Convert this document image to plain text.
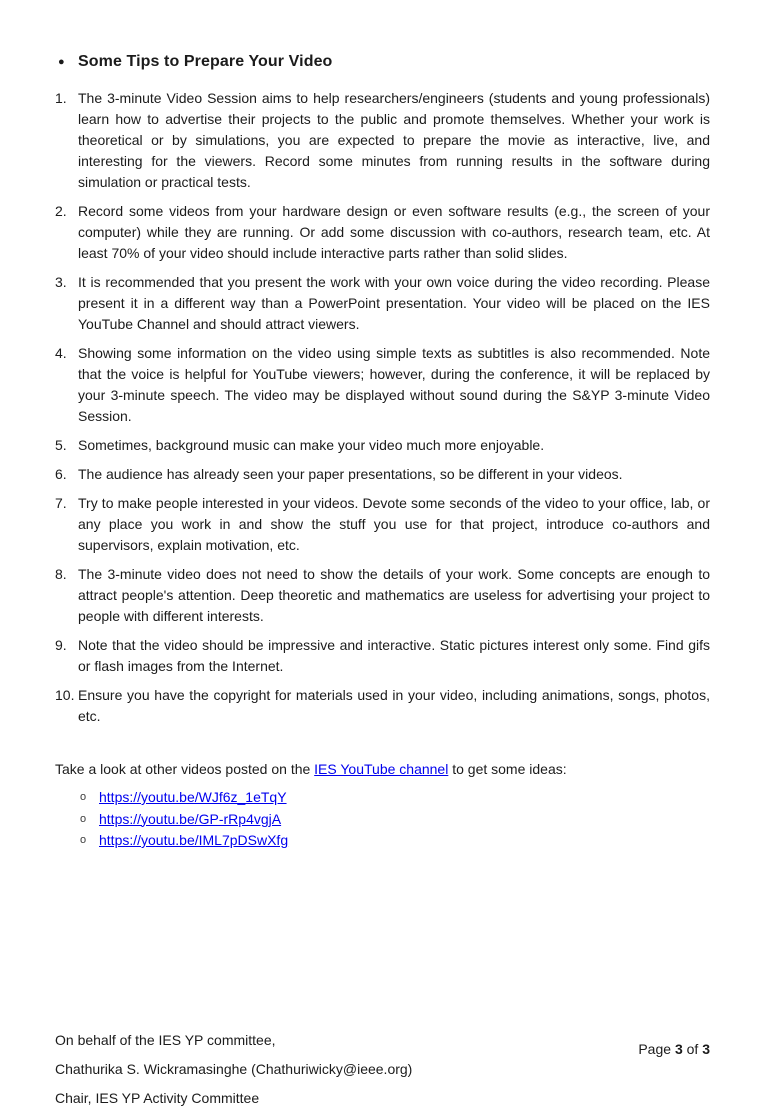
● Some Tips to Prepare Your Video
1. The 3-minute Video Session aims to help researchers/engineers (students and young professionals) learn how to advertise their projects to the public and promote themselves. Whether your work is theoretical or by simulations, you are expected to prepare the movie as interactive, live, and interesting for the viewers. Record some minutes from running results in the software during simulation or practical tests.
2. Record some videos from your hardware design or even software results (e.g., the screen of your computer) while they are running. Or add some discussion with co-authors, research team, etc. At least 70% of your video should include interactive parts rather than solid slides.
3. It is recommended that you present the work with your own voice during the video recording. Please present it in a different way than a PowerPoint presentation. Your video will be placed on the IES YouTube Channel and should attract viewers.
4. Showing some information on the video using simple texts as subtitles is also recommended. Note that the voice is helpful for YouTube viewers; however, during the conference, it will be replaced by your 3-minute speech. The video may be displayed without sound during the S&YP 3-minute Video Session.
5. Sometimes, background music can make your video much more enjoyable.
6. The audience has already seen your paper presentations, so be different in your videos.
7. Try to make people interested in your videos. Devote some seconds of the video to your office, lab, or any place you work in and show the stuff you use for that project, introduce co-authors and supervisors, explain motivation, etc.
8. The 3-minute video does not need to show the details of your work. Some concepts are enough to attract people's attention. Deep theoretic and mathematics are useless for advertising your project to people with different interests.
9. Note that the video should be impressive and interactive. Static pictures interest only some. Find gifs or flash images from the Internet.
10. Ensure you have the copyright for materials used in your video, including animations, songs, photos, etc.
Take a look at other videos posted on the IES YouTube channel to get some ideas:
o https://youtu.be/WJf6z_1eTqY
o https://youtu.be/GP-rRp4vgjA
o https://youtu.be/IML7pDSwXfg

On behalf of the IES YP committee,

Chathurika S. Wickramasinghe (Chathuriwicky@ieee.org)

Chair, IES YP Activity Committee

Page 3 of 3
